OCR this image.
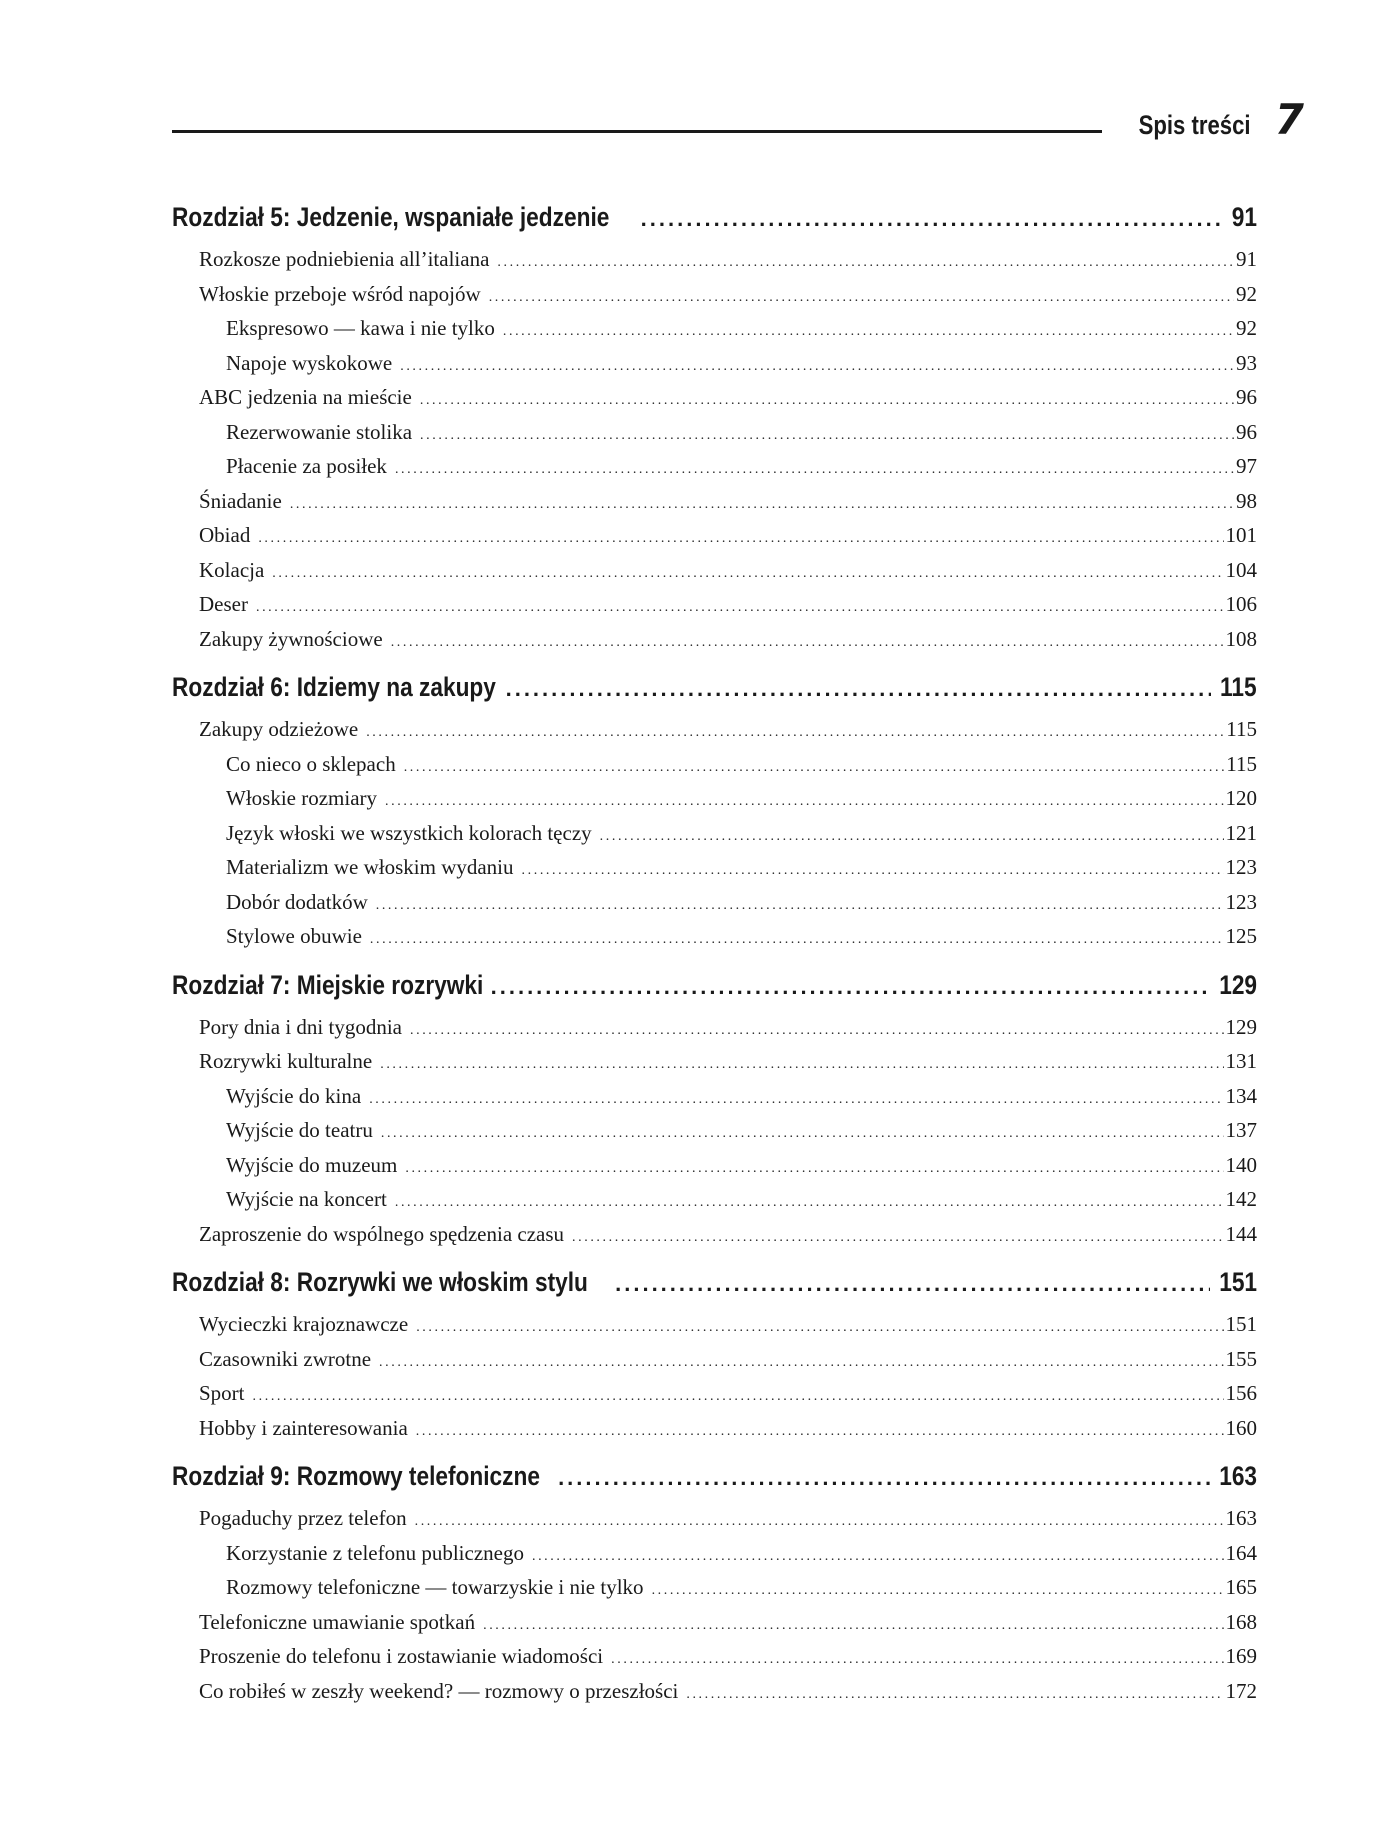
Spis treści 7
Rozdział 5: Jedzenie, wspaniałe jedzenie .....	91
Rozkosze podniebienia all’italiana .....	91
Włoskie przeboje wśród napojów .....	92
Ekspresowo — kawa i nie tylko .....	92
Napoje wyskokowe .....	93
ABC jedzenia na mieście .....	96
Rezerwowanie stolika .....	96
Płacenie za posiłek .....	97
Śniadanie .....	98
Obiad .....	101
Kolacja .....	104
Deser .....	106
Zakupy żywnościowe .....	108
Rozdział 6: Idziemy na zakupy .....	115
Zakupy odzieżowe .....	115
Co nieco o sklepach .....	115
Włoskie rozmiary .....	120
Język włoski we wszystkich kolorach tęczy .....	121
Materializm we włoskim wydaniu .....	123
Dobór dodatków .....	123
Stylowe obuwie .....	125
Rozdział 7: Miejskie rozrywki .....	129
Pory dnia i dni tygodnia .....	129
Rozrywki kulturalne .....	131
Wyjście do kina .....	134
Wyjście do teatru .....	137
Wyjście do muzeum .....	140
Wyjście na koncert .....	142
Zaproszenie do wspólnego spędzenia czasu .....	144
Rozdział 8: Rozrywki we włoskim stylu .....	151
Wycieczki krajoznawcze .....	151
Czasowniki zwrotne .....	155
Sport .....	156
Hobby i zainteresowania .....	160
Rozdział 9: Rozmowy telefoniczne .....	163
Pogaduchy przez telefon .....	163
Korzystanie z telefonu publicznego .....	164
Rozmowy telefoniczne — towarzyskie i nie tylko .....	165
Telefoniczne umawianie spotkań .....	168
Proszenie do telefonu i zostawianie wiadomości .....	169
Co robiłeś w zeszły weekend? — rozmowy o przeszłości .....	172
